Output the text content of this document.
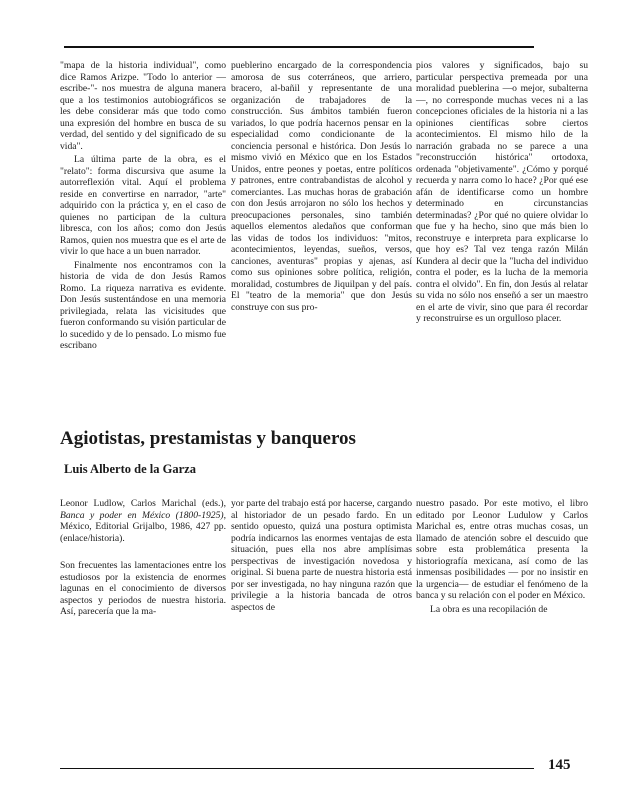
"mapa de la historia individual", como dice Ramos Arizpe. "Todo lo anterior —escribe-"- nos muestra de alguna manera que a los testimonios autobiográficos se les debe considerar más que todo como una expresión del hombre en busca de su verdad, del sentido y del significado de su vida".

La última parte de la obra, es el "relato": forma discursiva que asume la autorreflexión vital. Aquí el problema reside en convertirse en narrador, "arte" adquirido con la práctica y, en el caso de quienes no participan de la cultura libresca, con los años; como don Jesús Ramos, quien nos muestra que es el arte de vivir lo que hace a un buen narrador.

Finalmente nos encontramos con la historia de vida de don Jesús Ramos Romo. La riqueza narrativa es evidente. Don Jesús sustentándose en una memoria privilegiada, relata las vicisitudes que fueron conformando su visión particular de lo sucedido y de lo pensado. Lo mismo fue escribano

pueblerino encargado de la correspondencia amorosa de sus coterráneos, que arriero, bracero, al-bañil y representante de una organización de trabajadores de la construcción. Sus ámbitos también fueron variados, lo que podría hacernos pensar en la especialidad como condicionante de la conciencia personal e histórica. Don Jesús lo mismo vivió en México que en los Estados Unidos, entre peones y poetas, entre políticos y patrones, entre contrabandistas de alcohol y comerciantes. Las muchas horas de grabación con don Jesús arrojaron no sólo los hechos y preocupaciones personales, sino también aquellos elementos aledaños que conforman las vidas de todos los individuos: "mitos, acontecimientos, leyendas, sueños, versos, canciones, aventuras" propias y ajenas, así como sus opiniones sobre política, religión, moralidad, costumbres de Jiquilpan y del país. El "teatro de la memoria" que don Jesús construye con sus pro-

pios valores y significados, bajo su particular perspectiva premeada por una moralidad pueblerina —o mejor, subalterna—, no corresponde muchas veces ni a las concepciones oficiales de la historia ni a las opiniones científicas sobre ciertos acontecimientos. El mismo hilo de la narración grabada no se parece a una "reconstrucción histórica" ortodoxa, ordenada "objetivamente". ¿Cómo y porqué recuerda y narra como lo hace? ¿Por qué ese afán de identificarse como un hombre determinado en circunstancias determinadas? ¿Por qué no quiere olvidar lo que fue y ha hecho, sino que más bien lo reconstruye e interpreta para explicarse lo que hoy es? Tal vez tenga razón Milán Kundera al decir que la "lucha del individuo contra el poder, es la lucha de la memoria contra el olvido". En fin, don Jesús al relatar su vida no sólo nos enseñó a ser un maestro en el arte de vivir, sino que para él recordar y reconstruirse es un orgulloso placer.

Agiotistas, prestamistas y banqueros
Luis Alberto de la Garza

Leonor Ludlow, Carlos Marichal (eds.), Banca y poder en México (1800-1925), México, Editorial Grijalbo, 1986, 427 pp. (enlace/historia).

Son frecuentes las lamentaciones entre los estudiosos por la existencia de enormes lagunas en el conocimiento de diversos aspectos y periodos de nuestra historia. Así, parecería que la ma-

yor parte del trabajo está por hacerse, cargando al historiador de un pesado fardo. En un sentido opuesto, quizá una postura optimista podría indicarnos las enormes ventajas de esta situación, pues ella nos abre amplísimas perspectivas de investigación novedosa y original. Si buena parte de nuestra historia está por ser investigada, no hay ninguna razón que privilegie a la historia bancada de otros aspectos de

nuestro pasado. Por este motivo, el libro editado por Leonor Ludulow y Carlos Marichal es, entre otras muchas cosas, un llamado de atención sobre el descuido que sobre esta problemática presenta la historiografía mexicana, así como de las inmensas posibilidades — por no insistir en la urgencia— de estudiar el fenómeno de la banca y su relación con el poder en México.

La obra es una recopilación de

145
